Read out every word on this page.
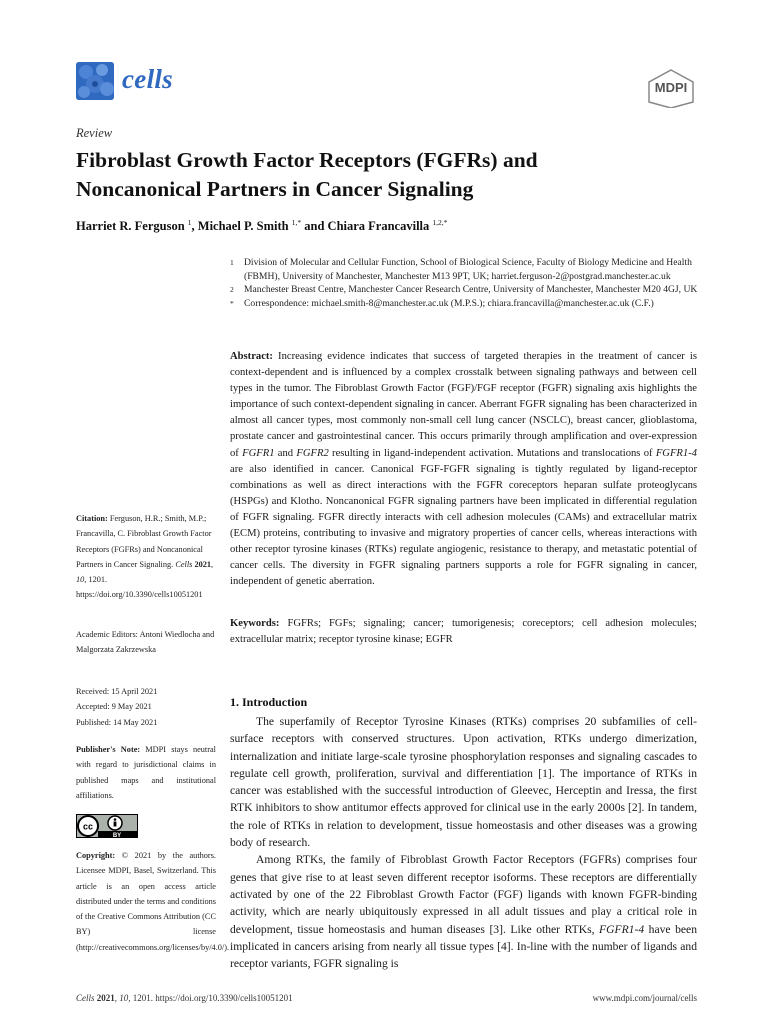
cells	MDPI
Review
Fibroblast Growth Factor Receptors (FGFRs) and
Noncanonical Partners in Cancer Signaling
Harriet R. Ferguson $^1$, Michael P. Smith $^{1,*}$ and Chiara Francavilla $^{1,2,*}$
1	Division of Molecular and Cellular Function, School of Biological Science, Faculty of Biology Medicine and Health (FBMH), University of Manchester, Manchester M13 9PT, UK; harriet.ferguson-2@postgrad.manchester.ac.uk
2	Manchester Breast Centre, Manchester Cancer Research Centre, University of Manchester, Manchester M20 4GJ, UK
*	Correspondence: michael.smith-8@manchester.ac.uk (M.P.S.); chiara.francavilla@manchester.ac.uk (C.F.)
Abstract: Increasing evidence indicates that success of targeted therapies in the treatment of cancer is context-dependent and is influenced by a complex crosstalk between signaling pathways and between cell types in the tumor. The Fibroblast Growth Factor (FGF)/FGF receptor (FGFR) signaling axis highlights the importance of such context-dependent signaling in cancer. Aberrant FGFR signaling has been characterized in almost all cancer types, most commonly non-small cell lung cancer (NSCLC), breast cancer, glioblastoma, prostate cancer and gastrointestinal cancer. This occurs primarily through amplification and over-expression of FGFR1 and FGFR2 resulting in ligand-independent activation. Mutations and translocations of FGFR1-4 are also identified in cancer. Canonical FGF-FGFR signaling is tightly regulated by ligand-receptor combinations as well as direct interactions with the FGFR coreceptors heparan sulfate proteoglycans (HSPGs) and Klotho. Noncanonical FGFR signaling partners have been implicated in differential regulation of FGFR signaling. FGFR directly interacts with cell adhesion molecules (CAMs) and extracellular matrix (ECM) proteins, contributing to invasive and migratory properties of cancer cells, whereas interactions with other receptor tyrosine kinases (RTKs) regulate angiogenic, resistance to therapy, and metastatic potential of cancer cells. The diversity in FGFR signaling partners supports a role for FGFR signaling in cancer, independent of genetic aberration.
Keywords: FGFRs; FGFs; signaling; cancer; tumorigenesis; coreceptors; cell adhesion molecules; extracellular matrix; receptor tyrosine kinase; EGFR
Citation: Ferguson, H.R.; Smith, M.P.; Francavilla, C. Fibroblast Growth Factor Receptors (FGFRs) and Noncanonical Partners in Cancer Signaling. Cells 2021, 10, 1201. https://doi.org/10.3390/cells10051201
Academic Editors: Antoni Wiedlocha and Malgorzata Zakrzewska
Received: 15 April 2021
Accepted: 9 May 2021
Published: 14 May 2021
Publisher's Note: MDPI stays neutral with regard to jurisdictional claims in published maps and institutional affiliations.
cc
BY
Copyright: © 2021 by the authors. Licensee MDPI, Basel, Switzerland. This article is an open access article distributed under the terms and conditions of the Creative Commons Attribution (CC BY) license (http://creativecommons.org/licenses/by/4.0/).
1. Introduction

The superfamily of Receptor Tyrosine Kinases (RTKs) comprises 20 subfamilies of cell-surface receptors with conserved structures. Upon activation, RTKs undergo dimerization, internalization and initiate large-scale tyrosine phosphorylation responses and signaling cascades to regulate cell growth, proliferation, survival and differentiation [1]. The importance of RTKs in cancer was established with the successful introduction of Gleevec, Herceptin and Iressa, the first RTK inhibitors to show antitumor effects approved for clinical use in the early 2000s [2]. In tandem, the role of RTKs in relation to development, tissue homeostasis and other diseases was a growing body of research.

Among RTKs, the family of Fibroblast Growth Factor Receptors (FGFRs) comprises four genes that give rise to at least seven different receptor isoforms. These receptors are differentially activated by one of the 22 Fibroblast Growth Factor (FGF) ligands with known FGFR-binding activity, which are nearly ubiquitously expressed in all adult tissues and play a critical role in development, tissue homeostasis and human diseases [3]. Like other RTKs, FGFR1-4 have been implicated in cancers arising from nearly all tissue types [4]. In-line with the number of ligands and receptor variants, FGFR signaling is

Cells 2021, 10, 1201. https://doi.org/10.3390/cells10051201	www.mdpi.com/journal/cells
